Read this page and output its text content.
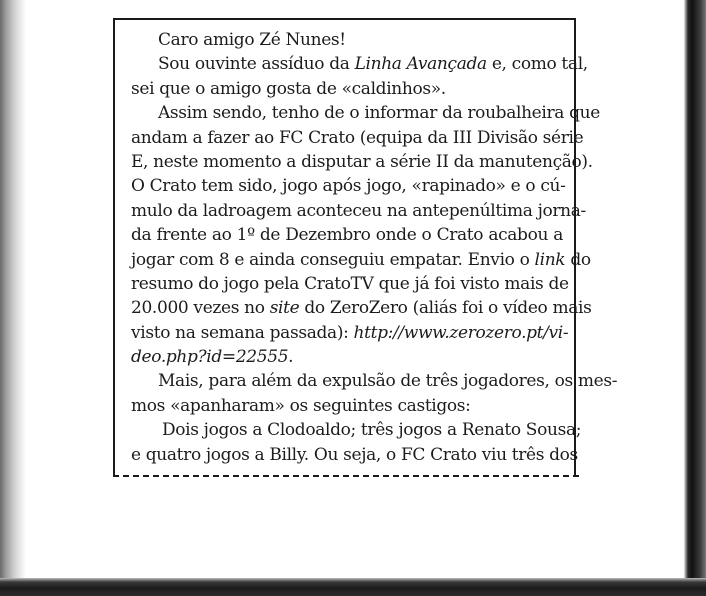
Caro amigo Zé Nunes!
Sou ouvinte assíduo da Linha Avançada e, como tal,
sei que o amigo gosta de «caldinhos».
Assim sendo, tenho de o informar da roubalheira que
andam a fazer ao FC Crato (equipa da III Divisão série
E, neste momento a disputar a série II da manutenção).
O Crato tem sido, jogo após jogo, «rapinado» e o cú-
mulo da ladroagem aconteceu na antepenúltima jorna-
da frente ao 1º de Dezembro onde o Crato acabou a
jogar com 8 e ainda conseguiu empatar. Envio o link do
resumo do jogo pela CratoTV que já foi visto mais de
20.000 vezes no site do ZeroZero (aliás foi o vídeo mais
visto na semana passada): http://www.zerozero.pt/vi-
deo.php?id=22555.
Mais, para além da expulsão de três jogadores, os mes-
mos «apanharam» os seguintes castigos:
Dois jogos a Clodoaldo; três jogos a Renato Sousa;
e quatro jogos a Billy. Ou seja, o FC Crato viu três dos
